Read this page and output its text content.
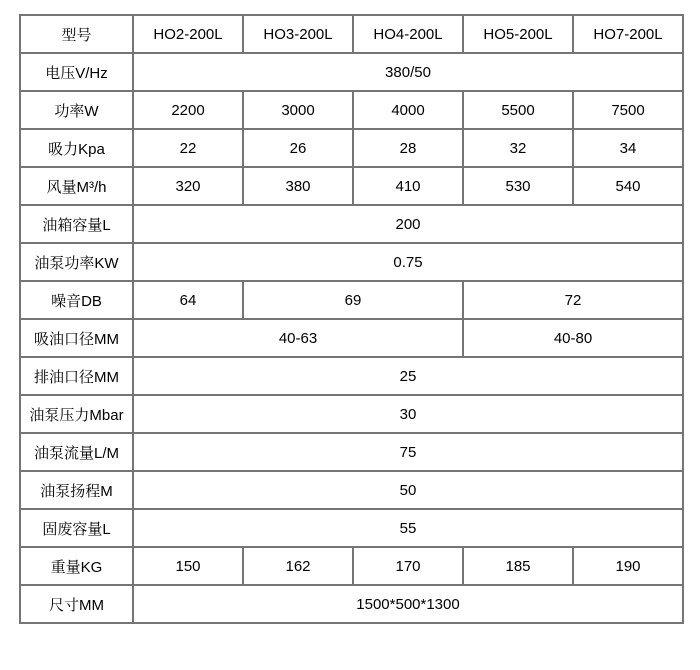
型号	HO2-200L	HO3-200L	HO4-200L	HO5-200L	HO7-200L
电压V/Hz	380/50				
功率W	2200	3000	4000	5500	7500
吸力Kpa	22	26	28	32	34
风量M³/h	320	380	410	530	540
油箱容量L	200				
油泵功率KW	0.75				
噪音DB	64	69		72	
吸油口径MM	40-63			40-80	
排油口径MM	25				
油泵压力Mbar	30				
油泵流量L/M	75				
油泵扬程M	50				
固废容量L	55				
重量KG	150	162	170	185	190
尺寸MM	1500*500*1300				
